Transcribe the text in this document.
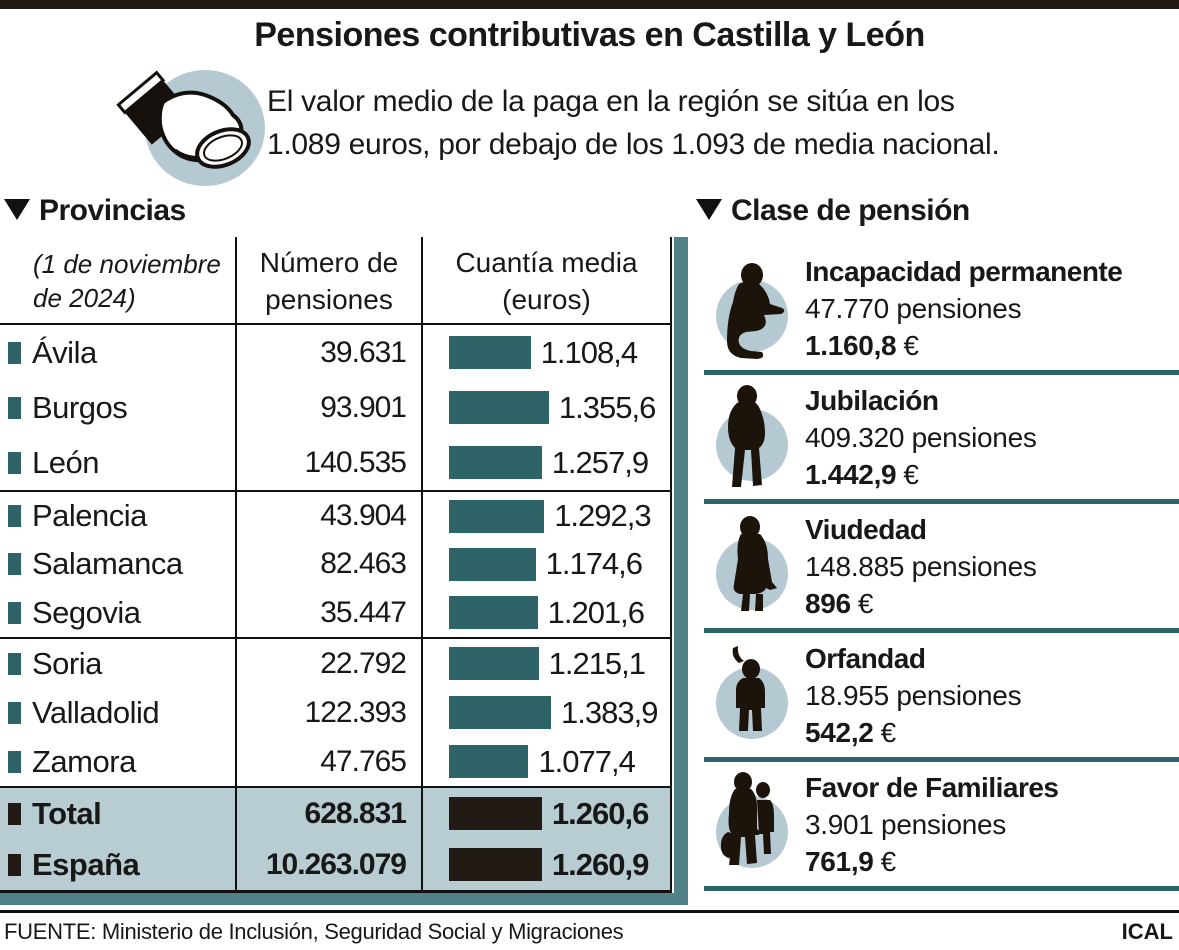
Pensiones contributivas en Castilla y León
El valor medio de la paga en la región se sitúa en los
1.089 euros, por debajo de los 1.093 de media nacional.
Provincias	Clase de pensión
(1 de noviembre
de 2024)
Número de
pensiones
Cuantía media
(euros)
Ávila	39.631	1.108,4
Burgos	93.901	1.355,6
León	140.535	1.257,9
Palencia	43.904	1.292,3
Salamanca	82.463	1.174,6
Segovia	35.447	1.201,6
Soria	22.792	1.215,1
Valladolid	122.393	1.383,9
Zamora	47.765	1.077,4
Total	628.831	1.260,6
España	10.263.079	1.260,9
Incapacidad permanente
47.770 pensiones
1.160,8 €
Jubilación
409.320 pensiones
1.442,9 €
Viudedad
148.885 pensiones
896 €
Orfandad
18.955 pensiones
542,2 €
Favor de Familiares
3.901 pensiones
761,9 €
FUENTE: Ministerio de Inclusión, Seguridad Social y Migraciones	ICAL
